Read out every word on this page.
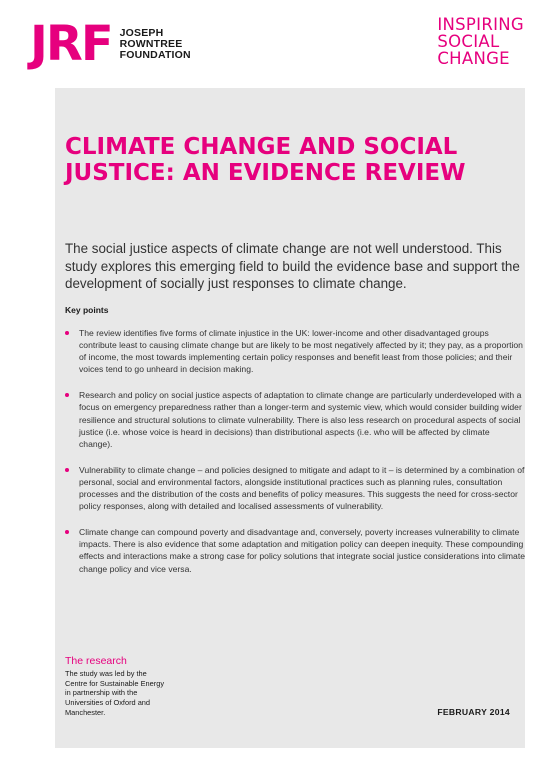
JRF JOSEPH
ROWNTREE
FOUNDATION
INSPIRING
SOCIAL
CHANGE
CLIMATE CHANGE AND SOCIAL JUSTICE: AN EVIDENCE REVIEW

The social justice aspects of climate change are not well understood. This study explores this emerging field to build the evidence base and support the development of socially just responses to climate change.

Key points

The review identifies five forms of climate injustice in the UK: lower-income and other disadvantaged groups contribute least to causing climate change but are likely to be most negatively affected by it; they pay, as a proportion of income, the most towards implementing certain policy responses and benefit least from those policies; and their voices tend to go unheard in decision making.
Research and policy on social justice aspects of adaptation to climate change are particularly underdeveloped with a focus on emergency preparedness rather than a longer-term and systemic view, which would consider building wider resilience and structural solutions to climate vulnerability. There is also less research on procedural aspects of social justice (i.e. whose voice is heard in decisions) than distributional aspects (i.e. who will be affected by climate change).
Vulnerability to climate change – and policies designed to mitigate and adapt to it – is determined by a combination of personal, social and environmental factors, alongside institutional practices such as planning rules, consultation processes and the distribution of the costs and benefits of policy measures. This suggests the need for cross-sector policy responses, along with detailed and localised assessments of vulnerability.
Climate change can compound poverty and disadvantage and, conversely, poverty increases vulnerability to climate impacts. There is also evidence that some adaptation and mitigation policy can deepen inequity. These compounding effects and interactions make a strong case for policy solutions that integrate social justice considerations into climate change policy and vice versa.

The research

The study was led by the
Centre for Sustainable Energy
in partnership with the
Universities of Oxford and
Manchester.	FEBRUARY 2014
